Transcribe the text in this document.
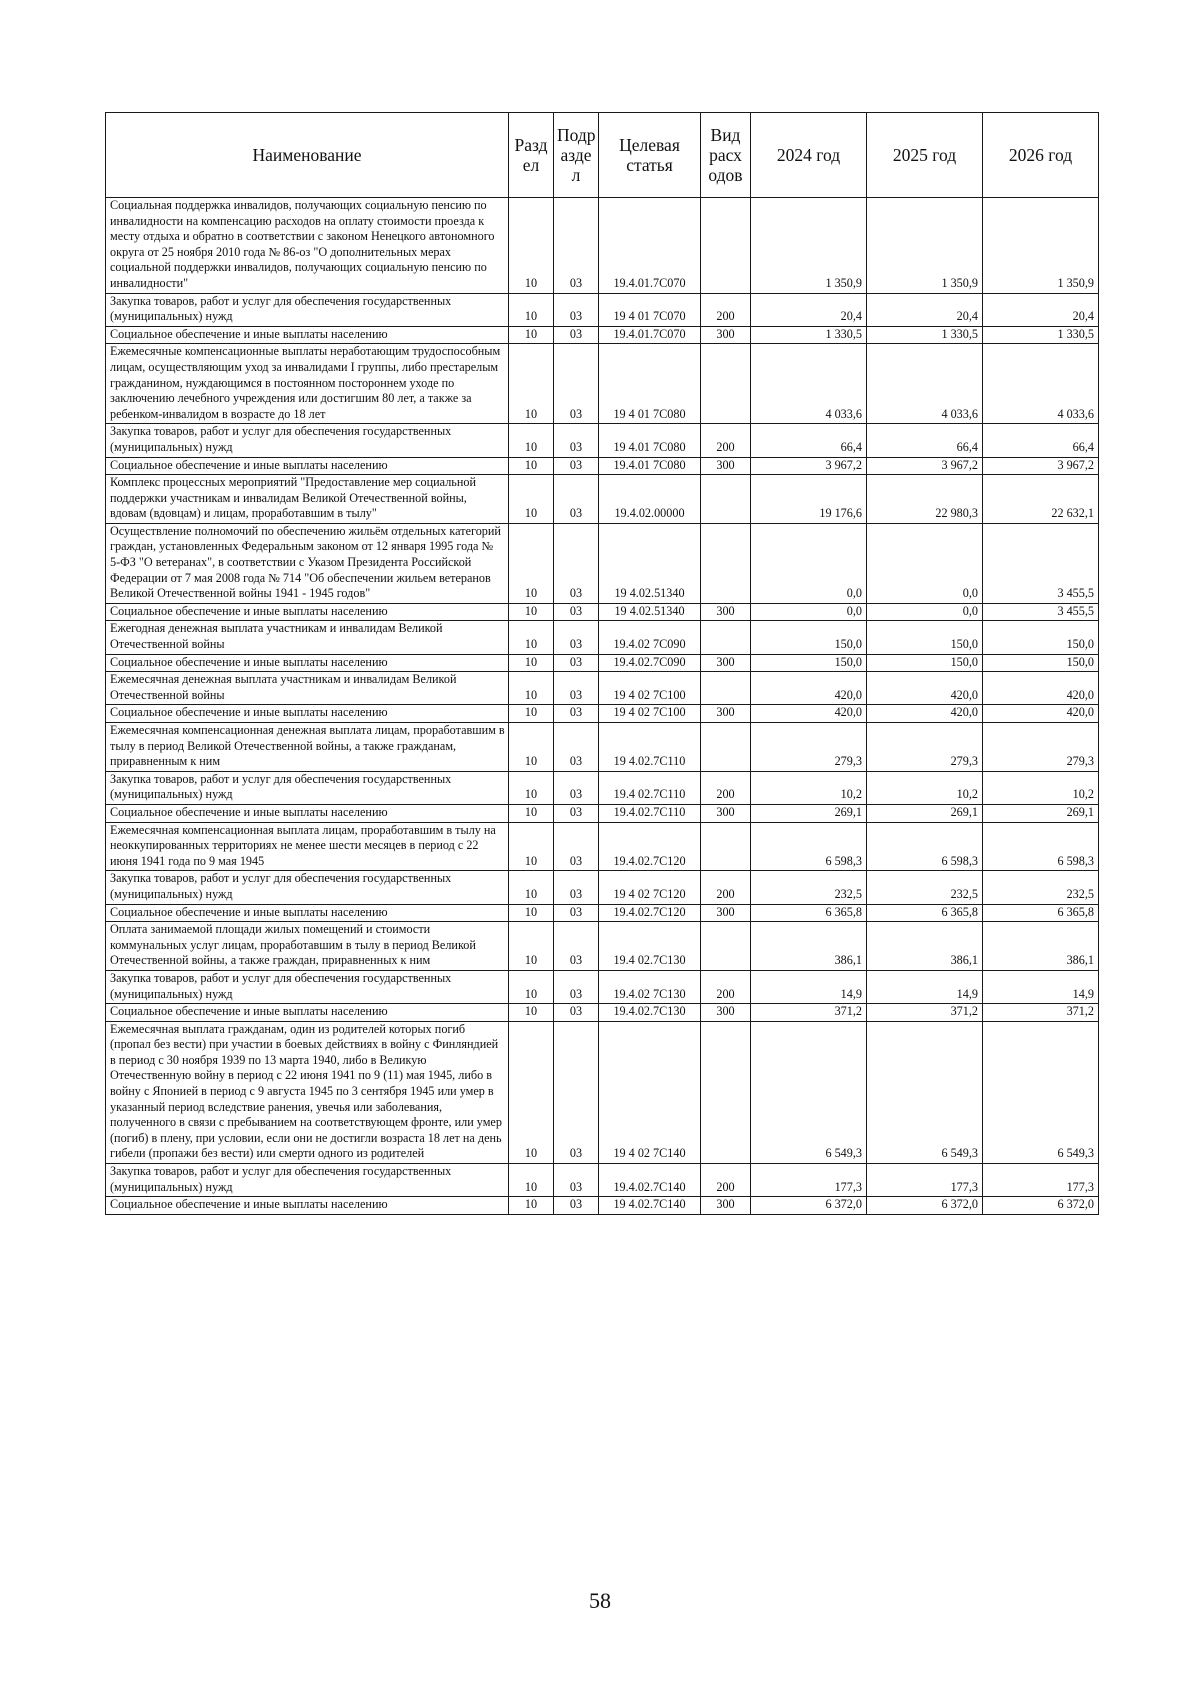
Наименование	Разд ел	Подр азде л	Целевая статья	Вид расх одов	2024 год	2025 год	2026 год
Социальная поддержка инвалидов, получающих социальную пенсию по инвалидности на компенсацию расходов на оплату стоимости проезда к месту отдыха и обратно в соответствии с законом Ненецкого автономного округа от 25 ноября 2010 года № 86-оз "О дополнительных мерах социальной поддержки инвалидов, получающих социальную пенсию по инвалидности"	10	03	19.4.01.7С070		1 350,9	1 350,9	1 350,9
Закупка товаров, работ и услуг для обеспечения государственных (муниципальных) нужд	10	03	19 4 01 7С070	200	20,4	20,4	20,4
Социальное обеспечение и иные выплаты населению	10	03	19.4.01.7С070	300	1 330,5	1 330,5	1 330,5
Ежемесячные компенсационные выплаты неработающим трудоспособным лицам, осуществляющим уход за инвалидами I группы, либо престарелым гражданином, нуждающимся в постоянном постороннем уходе по заключению лечебного учреждения или достигшим 80 лет, а также за ребенком-инвалидом в возрасте до 18 лет	10	03	19 4 01 7С080		4 033,6	4 033,6	4 033,6
Закупка товаров, работ и услуг для обеспечения государственных (муниципальных) нужд	10	03	19 4.01 7С080	200	66,4	66,4	66,4
Социальное обеспечение и иные выплаты населению	10	03	19.4.01 7С080	300	3 967,2	3 967,2	3 967,2
Комплекс процессных мероприятий "Предоставление мер социальной поддержки участникам и инвалидам Великой Отечественной войны, вдовам (вдовцам) и лицам, проработавшим в тылу"	10	03	19.4.02.00000		19 176,6	22 980,3	22 632,1
Осуществление полномочий по обеспечению жильём отдельных категорий граждан, установленных Федеральным законом от 12 января 1995 года № 5-ФЗ "О ветеранах", в соответствии с Указом Президента Российской Федерации от 7 мая 2008 года № 714 "Об обеспечении жильем ветеранов Великой Отечественной войны 1941 - 1945 годов"	10	03	19 4.02.51340		0,0	0,0	3 455,5
Социальное обеспечение и иные выплаты населению	10	03	19 4.02.51340	300	0,0	0,0	3 455,5
Ежегодная денежная выплата участникам и инвалидам Великой Отечественной войны	10	03	19.4.02 7С090		150,0	150,0	150,0
Социальное обеспечение и иные выплаты населению	10	03	19.4.02.7С090	300	150,0	150,0	150,0
Ежемесячная денежная выплата участникам и инвалидам Великой Отечественной войны	10	03	19 4 02 7С100		420,0	420,0	420,0
Социальное обеспечение и иные выплаты населению	10	03	19 4 02 7С100	300	420,0	420,0	420,0
Ежемесячная компенсационная денежная выплата лицам, проработавшим в тылу в период Великой Отечественной войны, а также гражданам, приравненным к ним	10	03	19 4.02.7С110		279,3	279,3	279,3
Закупка товаров, работ и услуг для обеспечения государственных (муниципальных) нужд	10	03	19.4 02.7С110	200	10,2	10,2	10,2
Социальное обеспечение и иные выплаты населению	10	03	19.4.02.7С110	300	269,1	269,1	269,1
Ежемесячная компенсационная выплата лицам, проработавшим в тылу на неоккупированных территориях не менее шести месяцев в период с 22 июня 1941 года по 9 мая 1945	10	03	19.4.02.7С120		6 598,3	6 598,3	6 598,3
Закупка товаров, работ и услуг для обеспечения государственных (муниципальных) нужд	10	03	19 4 02 7С120	200	232,5	232,5	232,5
Социальное обеспечение и иные выплаты населению	10	03	19.4.02.7С120	300	6 365,8	6 365,8	6 365,8
Оплата занимаемой площади жилых помещений и стоимости коммунальных услуг лицам, проработавшим в тылу в период Великой Отечественной войны, а также граждан, приравненных к ним	10	03	19.4 02.7С130		386,1	386,1	386,1
Закупка товаров, работ и услуг для обеспечения государственных (муниципальных) нужд	10	03	19.4.02 7С130	200	14,9	14,9	14,9
Социальное обеспечение и иные выплаты населению	10	03	19.4.02.7С130	300	371,2	371,2	371,2
Ежемесячная выплата гражданам, один из родителей которых погиб (пропал без вести) при участии в боевых действиях в войну с Финляндией в период с 30 ноября 1939 по 13 марта 1940, либо в Великую Отечественную войну в период с 22 июня 1941 по 9 (11) мая 1945, либо в войну с Японией в период с 9 августа 1945 по 3 сентября 1945 или умер в указанный период вследствие ранения, увечья или заболевания, полученного в связи с пребыванием на соответствующем фронте, или умер (погиб) в плену, при условии, если они не достигли возраста 18 лет на день гибели (пропажи без вести) или смерти одного из родителей	10	03	19 4 02 7С140		6 549,3	6 549,3	6 549,3
Закупка товаров, работ и услуг для обеспечения государственных (муниципальных) нужд	10	03	19.4.02.7С140	200	177,3	177,3	177,3
Социальное обеспечение и иные выплаты населению	10	03	19 4.02.7С140	300	6 372,0	6 372,0	6 372,0
58
